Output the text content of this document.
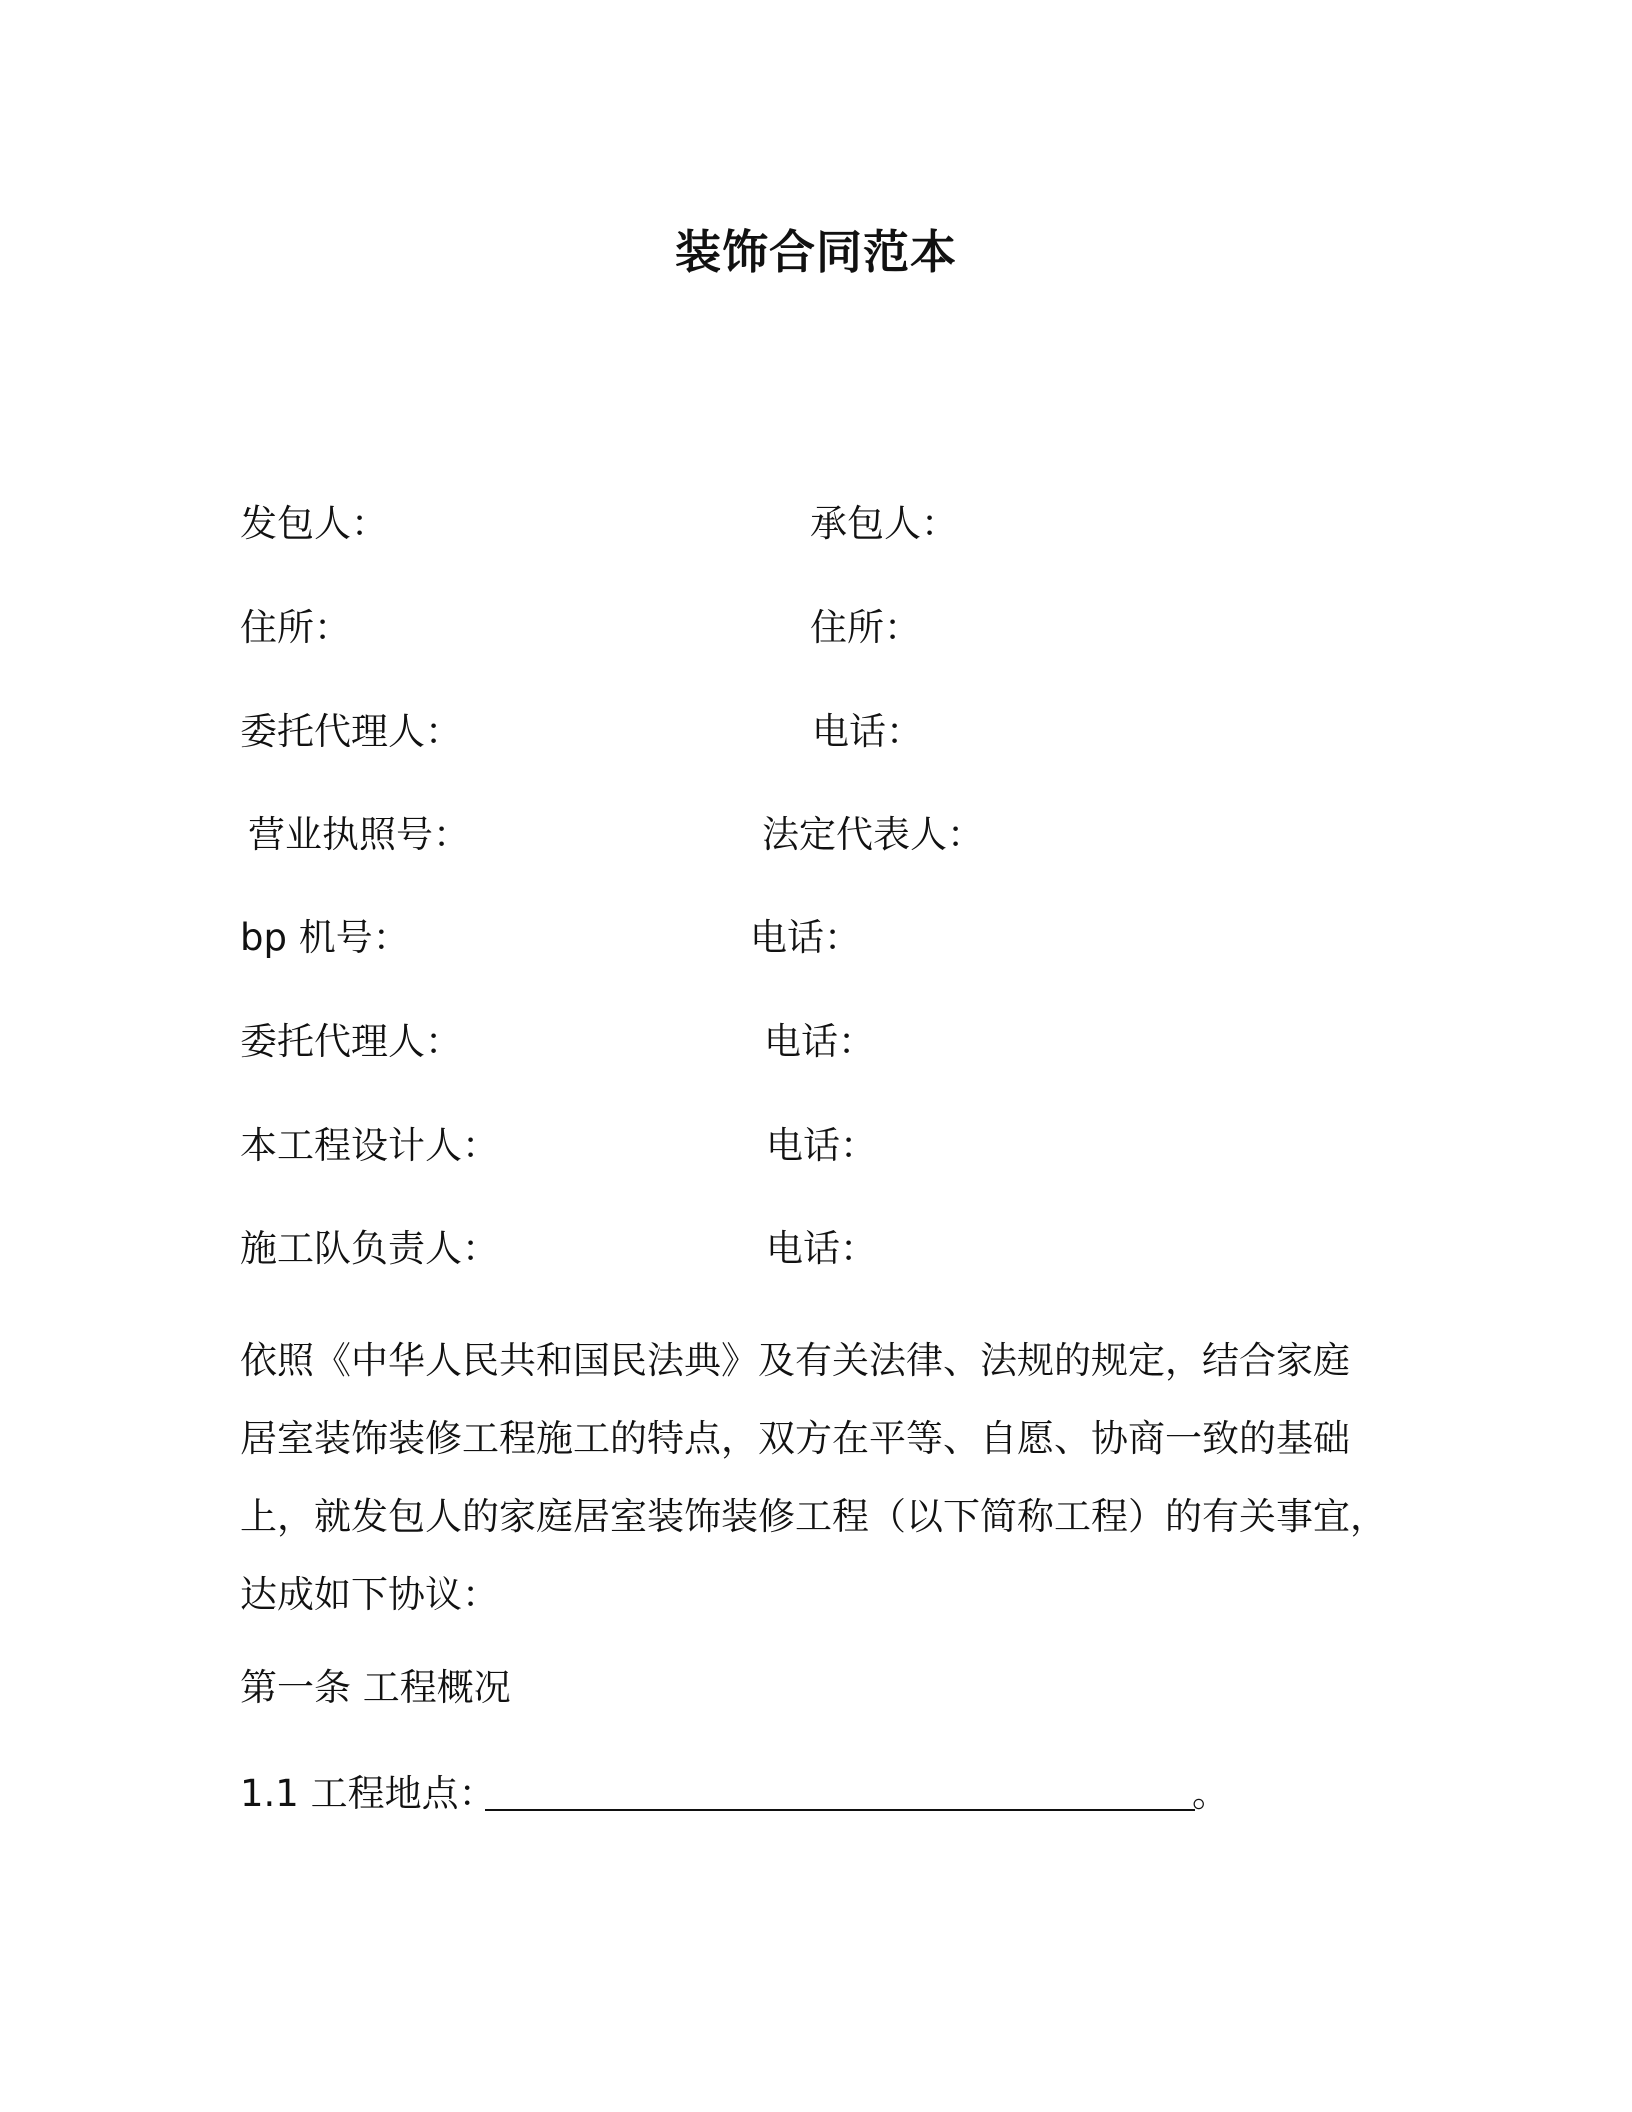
装饰合同范本
发包人：	承包人：
住所：	住所：
委托代理人：	电话：
营业执照号：	法定代表人：
bp 机号：	电话：
委托代理人：	电话：
本工程设计人：	电话：
施工队负责人：	电话：
依照《中华人民共和国民法典》及有关法律、法规的规定，结合家庭
居室装饰装修工程施工的特点，双方在平等、自愿、协商一致的基础
上，就发包人的家庭居室装饰装修工程（以下简称工程）的有关事宜，
达成如下协议：
第一条 工程概况
1.1 工程地点：	。
